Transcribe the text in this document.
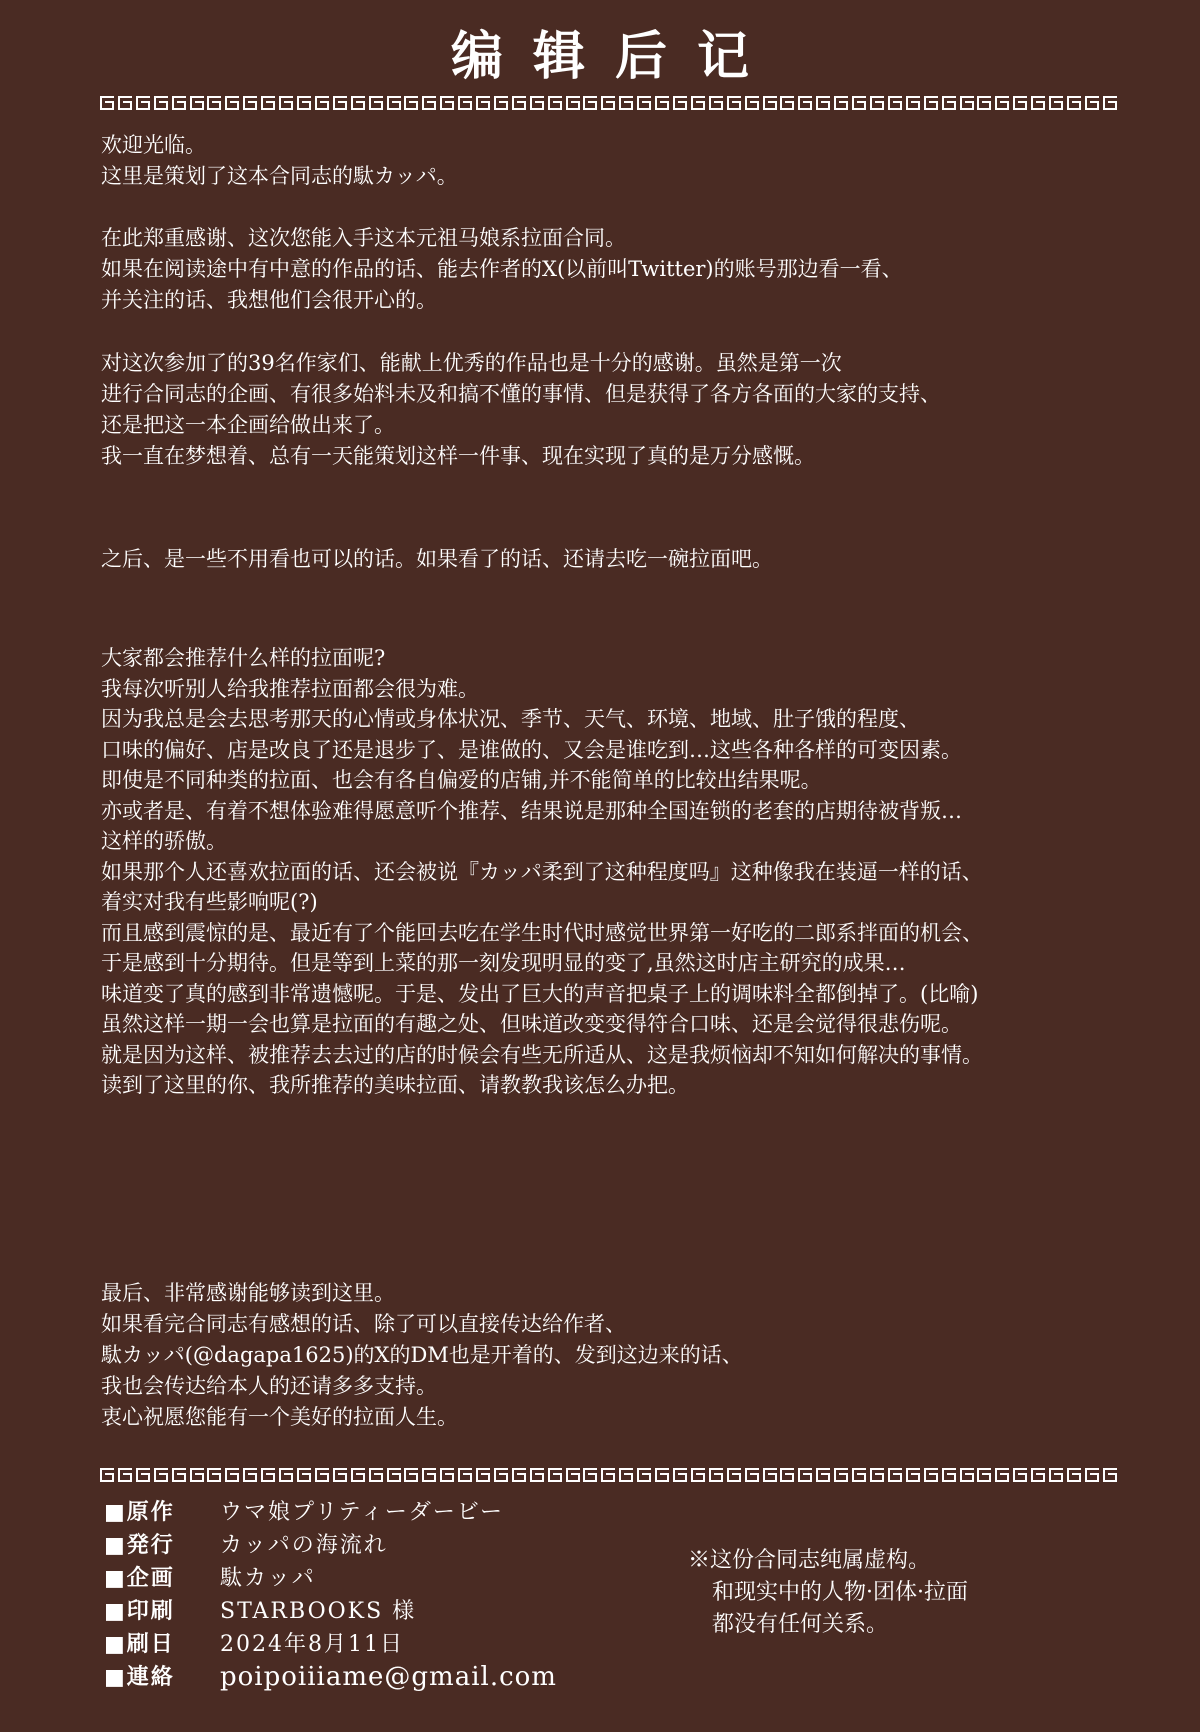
编辑后记
欢迎光临。
这里是策划了这本合同志的駄カッパ。
在此郑重感谢、这次您能入手这本元祖马娘系拉面合同。
如果在阅读途中有中意的作品的话、能去作者的X(以前叫Twitter)的账号那边看一看、
并关注的话、我想他们会很开心的。
对这次参加了的39名作家们、能献上优秀的作品也是十分的感谢。虽然是第一次
进行合同志的企画、有很多始料未及和搞不懂的事情、但是获得了各方各面的大家的支持、
还是把这一本企画给做出来了。
我一直在梦想着、总有一天能策划这样一件事、现在实现了真的是万分感慨。
之后、是一些不用看也可以的话。如果看了的话、还请去吃一碗拉面吧。
大家都会推荐什么样的拉面呢?
我每次听别人给我推荐拉面都会很为难。
因为我总是会去思考那天的心情或身体状况、季节、天气、环境、地域、肚子饿的程度、
口味的偏好、店是改良了还是退步了、是谁做的、又会是谁吃到…这些各种各样的可变因素。
即使是不同种类的拉面、也会有各自偏爱的店铺,并不能简单的比较出结果呢。
亦或者是、有着不想体验难得愿意听个推荐、结果说是那种全国连锁的老套的店期待被背叛…
这样的骄傲。
如果那个人还喜欢拉面的话、还会被说『カッパ柔到了这种程度吗』这种像我在装逼一样的话、
着实对我有些影响呢(?)
而且感到震惊的是、最近有了个能回去吃在学生时代时感觉世界第一好吃的二郎系拌面的机会、
于是感到十分期待。但是等到上菜的那一刻发现明显的变了,虽然这时店主研究的成果…
味道变了真的感到非常遗憾呢。于是、发出了巨大的声音把桌子上的调味料全都倒掉了。(比喻)
虽然这样一期一会也算是拉面的有趣之处、但味道改变变得符合口味、还是会觉得很悲伤呢。
就是因为这样、被推荐去去过的店的时候会有些无所适从、这是我烦恼却不知如何解决的事情。
读到了这里的你、我所推荐的美味拉面、请教教我该怎么办把。
最后、非常感谢能够读到这里。
如果看完合同志有感想的话、除了可以直接传达给作者、
駄カッパ(@dagapa1625)的X的DM也是开着的、发到这边来的话、
我也会传达给本人的还请多多支持。
衷心祝愿您能有一个美好的拉面人生。
■原作	ウマ娘プリティーダービー
■発行	カッパの海流れ
■企画	駄カッパ
■印刷	STARBOOKS 様
■刷日	2024年8月11日
■連絡	poipoiiiame@gmail.com
※这份合同志纯属虚构。
和现实中的人物·团体·拉面
都没有任何关系。
